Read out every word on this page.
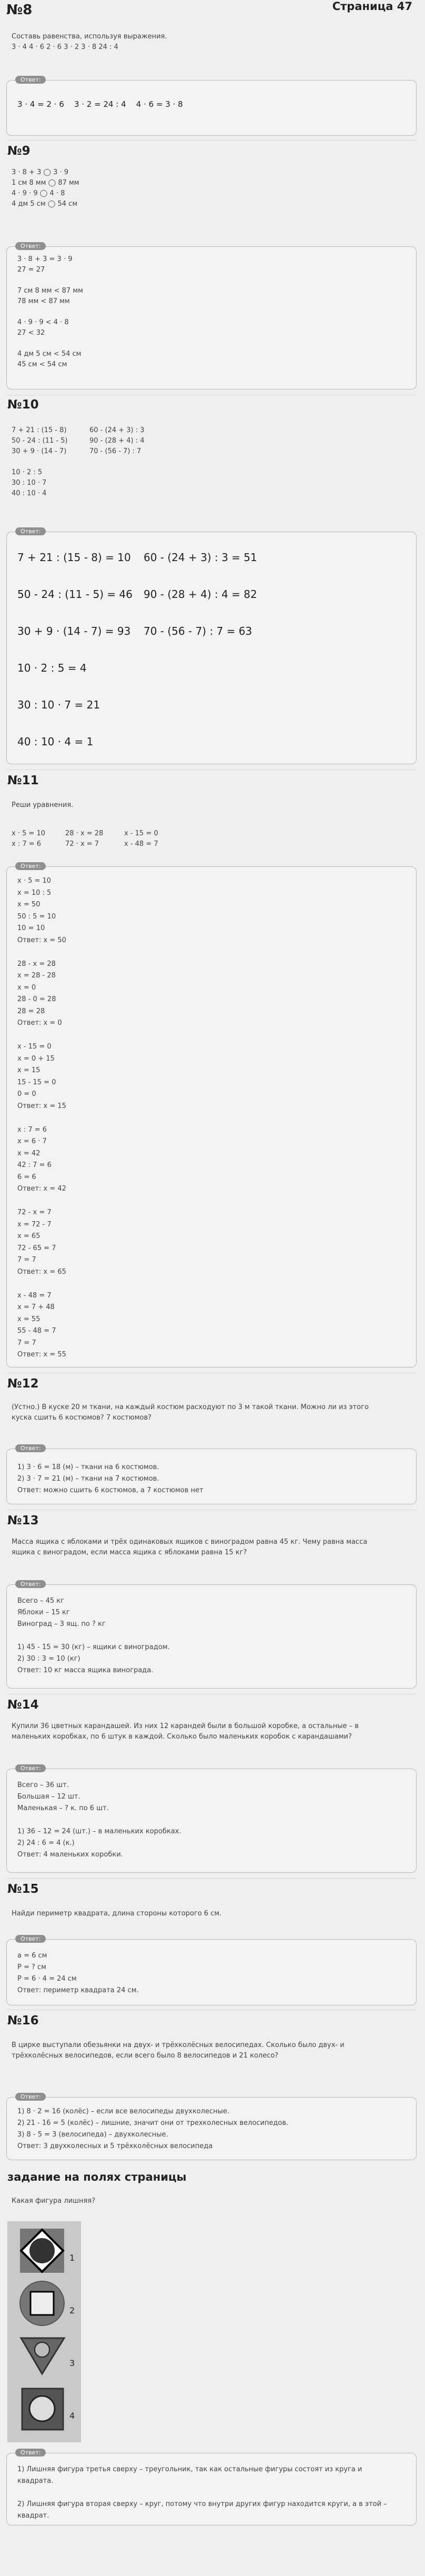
№8	Страница 47
Составь равенства, используя выражения.
3 · 4 4 · 6 2 · 6 3 · 2 3 · 8 24 : 4
Ответ:
3 · 4 = 2 · 6    3 · 2 = 24 : 4    4 · 6 = 3 · 8
№9
3 · 8 + 3 ◯ 3 · 9
1 см 8 мм ◯ 87 мм
4 · 9 · 9 ◯ 4 · 8
4 дм 5 см ◯ 54 см
Ответ:
3 · 8 + 3 = 3 · 9
27 = 27

7 см 8 мм < 87 мм
78 мм < 87 мм

4 · 9 · 9 < 4 · 8
27 < 32

4 дм 5 см < 54 см
45 см < 54 см
№10
7 + 21 : (15 - 8)
50 - 24 : (11 - 5)
30 + 9 · (14 - 7)

10 · 2 : 5
30 : 10 · 7
40 : 10 · 4
60 - (24 + 3) : 3
90 - (28 + 4) : 4
70 - (56 - 7) : 7
Ответ:
7 + 21 : (15 - 8) = 10
50 - 24 : (11 - 5) = 46
30 + 9 · (14 - 7) = 93
10 · 2 : 5 = 4
30 : 10 · 7 = 21
40 : 10 · 4 = 1
60 - (24 + 3) : 3 = 51
90 - (28 + 4) : 4 = 82
70 - (56 - 7) : 7 = 63
№11
Реши уравнения.
x · 5 = 10
x : 7 = 6
28 · x = 28
72 · x = 7
x - 15 = 0
x - 48 = 7
Ответ:
x · 5 = 10
x = 10 : 5
x = 50
50 : 5 = 10
10 = 10
Ответ: x = 50

28 - x = 28
x = 28 - 28
x = 0
28 - 0 = 28
28 = 28
Ответ: x = 0

x - 15 = 0
x = 0 + 15
x = 15
15 - 15 = 0
0 = 0
Ответ: x = 15

x : 7 = 6
x = 6 · 7
x = 42
42 : 7 = 6
6 = 6
Ответ: x = 42

72 - x = 7
x = 72 - 7
x = 65
72 - 65 = 7
7 = 7
Ответ: x = 65

x - 48 = 7
x = 7 + 48
x = 55
55 - 48 = 7
7 = 7
Ответ: x = 55
№12
(Устно.) В куске 20 м ткани, на каждый костюм расходуют по 3 м такой ткани. Можно ли из этого
куска сшить 6 костюмов? 7 костюмов?
Ответ:
1) 3 · 6 = 18 (м) – ткани на 6 костюмов.
2) 3 · 7 = 21 (м) – ткани на 7 костюмов.
Ответ: можно сшить 6 костюмов, а 7 костюмов нет
№13
Масса ящика с яблоками и трёх одинаковых ящиков с виноградом равна 45 кг. Чему равна масса
ящика с виноградом, если масса ящика с яблоками равна 15 кг?
Ответ:
Всего – 45 кг
Яблоки – 15 кг
Виноград – 3 ящ. по ? кг

1) 45 - 15 = 30 (кг) – ящики с виноградом.
2) 30 : 3 = 10 (кг)
Ответ: 10 кг масса ящика винограда.
№14
Купили 36 цветных карандашей. Из них 12 карандей были в большой коробке, а остальные – в
маленьких коробках, по 6 штук в каждой. Сколько было маленьких коробок с карандашами?
Ответ:
Всего – 36 шт.
Большая – 12 шт.
Маленькая – ? к. по 6 шт.

1) 36 – 12 = 24 (шт.) – в маленьких коробках.
2) 24 : 6 = 4 (к.)
Ответ: 4 маленьких коробки.
№15
Найди периметр квадрата, длина стороны которого 6 см.
Ответ:
a = 6 см
P = ? см
P = 6 · 4 = 24 см
Ответ: периметр квадрата 24 см.
№16
В цирке выступали обезьянки на двух- и трёхколёсных велосипедах. Сколько было двух- и
трёхколёсных велосипедов, если всего было 8 велосипедов и 21 колесо?
Ответ:
1) 8 · 2 = 16 (колёс) – если все велосипеды двухколесные.
2) 21 - 16 = 5 (колёс) – лишние, значит они от трехколесных велосипедов.
3) 8 - 5 = 3 (велосипеда) – двухколесные.
Ответ: 3 двухколесных и 5 трёхколёсных велосипеда
задание на полях страницы
Какая фигура лишняя?
1
2
3
4
Ответ:
1) Лишняя фигура третья сверху – треугольник, так как остальные фигуры состоят из круга и
квадрата.

2) Лишняя фигура вторая сверху – круг, потому что внутри других фигур находится круги, а в этой –
квадрат.
